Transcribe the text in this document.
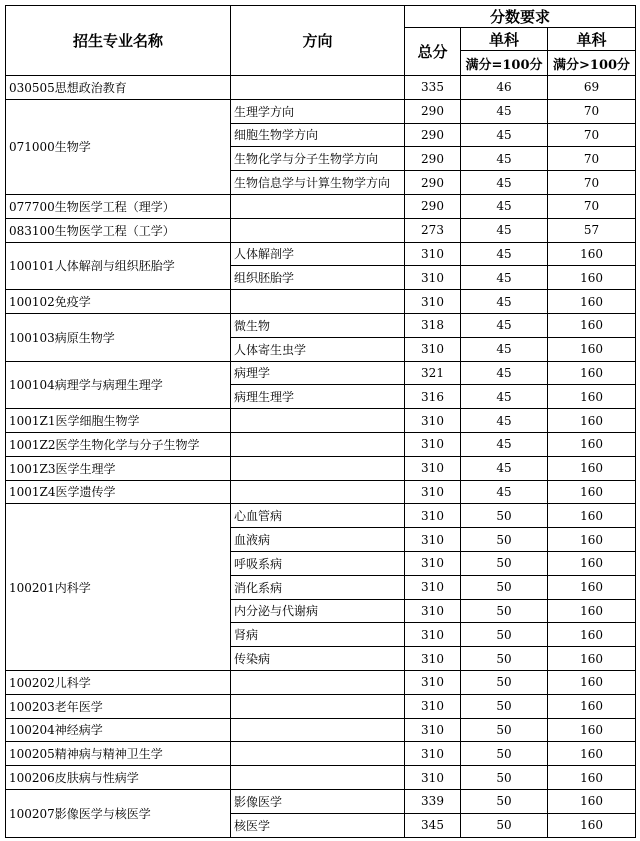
招生专业名称	方向	分数要求		
		总分	单科	单科
			满分=100分	满分>100分
030505思想政治教育		335	46	69
071000生物学	生理学方向	290	45	70
	细胞生物学方向	290	45	70
	生物化学与分子生物学方向	290	45	70
	生物信息学与计算生物学方向	290	45	70
077700生物医学工程（理学）		290	45	70
083100生物医学工程（工学）		273	45	57
100101人体解剖与组织胚胎学	人体解剖学	310	45	160
	组织胚胎学	310	45	160
100102免疫学		310	45	160
100103病原生物学	微生物	318	45	160
	人体寄生虫学	310	45	160
100104病理学与病理生理学	病理学	321	45	160
	病理生理学	316	45	160
1001Z1医学细胞生物学		310	45	160
1001Z2医学生物化学与分子生物学		310	45	160
1001Z3医学生理学		310	45	160
1001Z4医学遗传学		310	45	160
100201内科学	心血管病	310	50	160
	血液病	310	50	160
	呼吸系病	310	50	160
	消化系病	310	50	160
	内分泌与代谢病	310	50	160
	肾病	310	50	160
	传染病	310	50	160
100202儿科学		310	50	160
100203老年医学		310	50	160
100204神经病学		310	50	160
100205精神病与精神卫生学		310	50	160
100206皮肤病与性病学		310	50	160
100207影像医学与核医学	影像医学	339	50	160
	核医学	345	50	160
